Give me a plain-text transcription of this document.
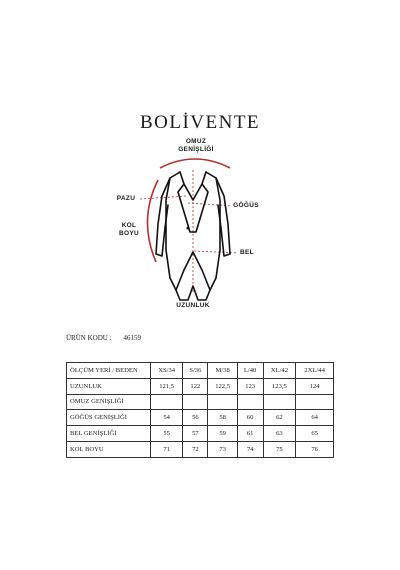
BOLİVENTE
OMUZ
GENİŞLİĞİ
PAZU
GÖĞÜS
KOL
BOYU
BEL
UZUNLUK
ÜRÜN KODU : 46159
ÖLÇÜM YERİ / BEDEN	XS/34	S/36	M/38	L/40	XL/42	2XL/44
UZUNLUK	121,5	122	122,5	123	123,5	124
OMUZ GENİŞLİĞİ						
GÖĞÜS GENİŞLİĞİ	54	56	58	60	62	64
BEL GENİŞLİĞİ	55	57	59	61	63	65
KOL BOYU	71	72	73	74	75	76
